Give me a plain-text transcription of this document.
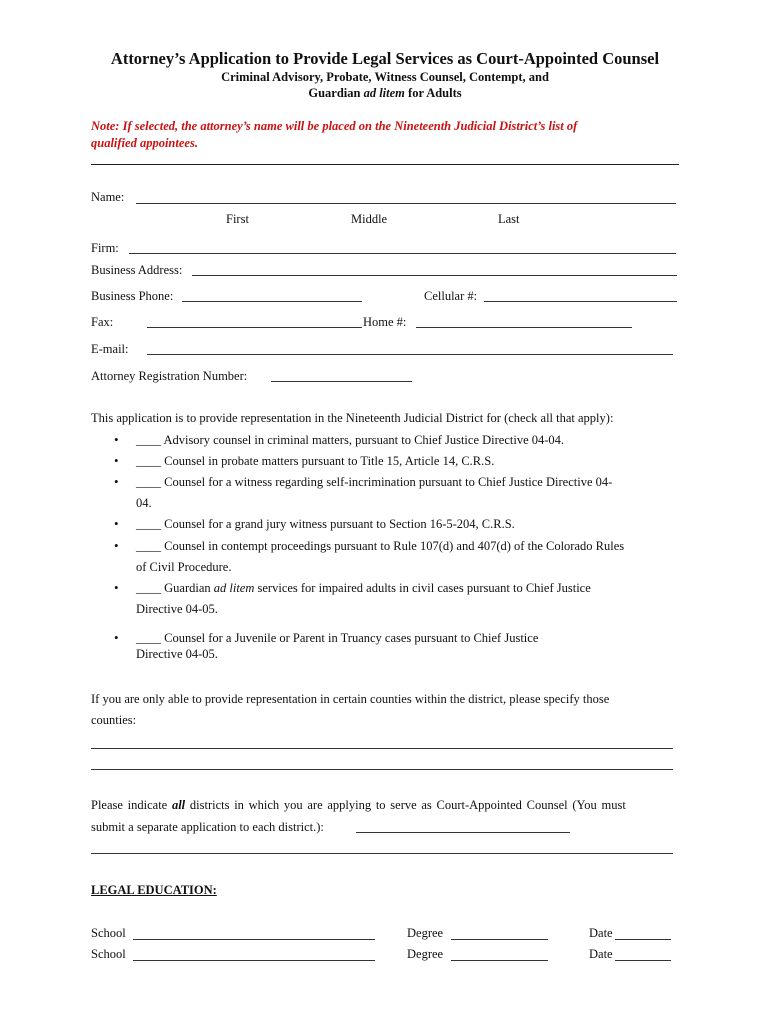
Attorney’s Application to Provide Legal Services as Court-Appointed Counsel
Criminal Advisory, Probate, Witness Counsel, Contempt, and
Guardian ad litem for Adults
Note: If selected, the attorney’s name will be placed on the Nineteenth Judicial District’s list of
qualified appointees.
Name:
First	Middle	Last
Firm:
Business Address:
Business Phone:	Cellular #:
Fax:	Home #:
E-mail:
Attorney Registration Number:
This application is to provide representation in the Nineteenth Judicial District for (check all that apply):
• ____ Advisory counsel in criminal matters, pursuant to Chief Justice Directive 04-04.
• ____ Counsel in probate matters pursuant to Title 15, Article 14, C.R.S.
• ____ Counsel for a witness regarding self-incrimination pursuant to Chief Justice Directive 04-
04.
• ____ Counsel for a grand jury witness pursuant to Section 16-5-204, C.R.S.
• ____ Counsel in contempt proceedings pursuant to Rule 107(d) and 407(d) of the Colorado Rules
of Civil Procedure.
• ____ Guardian ad litem services for impaired adults in civil cases pursuant to Chief Justice
Directive 04-05.
• ____ Counsel for a Juvenile or Parent in Truancy cases pursuant to Chief Justice
Directive 04-05.
If you are only able to provide representation in certain counties within the district, please specify those
counties:
Please indicate all districts in which you are applying to serve as Court-Appointed Counsel (You must
submit a separate application to each district.):
LEGAL EDUCATION:
School	Degree	Date
School	Degree	Date
